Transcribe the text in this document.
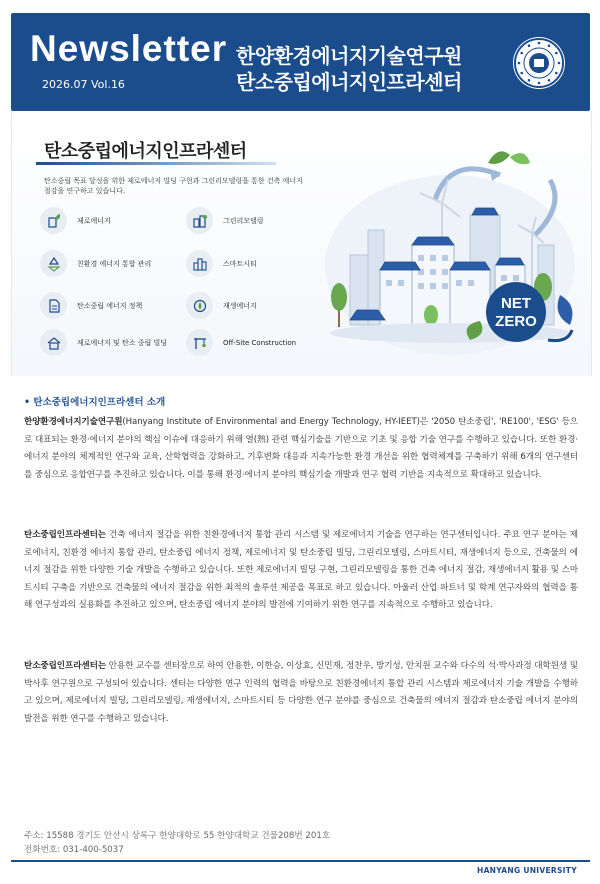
Newsletter
2026.07 Vol.16
한양환경에너지기술연구원
탄소중립에너지인프라센터
탄소중립에너지인프라센터
탄소중립 목표 달성을 위한 제로에너지 빌딩 구현과 그린리모델링을 통한 건축 에너지 절감을 연구하고 있습니다.
제로에너지	그린리모델링
친환경 에너지 통합 관리	스마트시티
탄소중립 에너지 정책	재생에너지
제로에너지 및 탄소 중립 빌딩	Off-Site Construction
NET
ZERO
• 탄소중립에너지인프라센터 소개
한양환경에너지기술연구원(Hanyang Institute of Environmental and Energy Technology, HY-IEET)은 '2050 탄소중립', 'RE100', 'ESG' 등으로 대표되는 환경·에너지 분야의 핵심 이슈에 대응하기 위해 열(熱) 관련 핵심기술을 기반으로 기초 및 응합 기술 연구를 수행하고 있습니다. 또한 환경·에너지 분야의 체계적인 연구와 교육, 산학협력을 강화하고, 기후변화 대응과 지속가능한 환경 개선을 위한 협력체계를 구축하기 위해 6개의 연구센터를 중심으로 응합연구를 추진하고 있습니다. 이를 통해 환경·에너지 분야의 핵심기술 개발과 연구 협력 기반을 지속적으로 확대하고 있습니다.
탄소중립인프라센터는 건축 에너지 절감을 위한 친환경에너지 통합 관리 시스템 및 제로에너지 기술을 연구하는 연구센터입니다. 주요 연구 분야는 제로에너지, 친환경 에너지 통합 관리, 탄소중립 에너지 정책, 제로에너지 및 탄소중립 빌딩, 그린리모델링, 스마트시티, 재생에너지 등으로, 건축물의 에너지 절감을 위한 다양한 기술 개발을 수행하고 있습니다. 또한 제로에너지 빌딩 구현, 그린리모델링을 통한 건축 에너지 절감, 재생에너지 활용 및 스마트시티 구축을 기반으로 건축물의 에너지 절감을 위한 최적의 솔루션 제공을 목표로 하고 있습니다. 아울러 산업 파트너 및 학계 연구자와의 협력을 통해 연구성과의 실용화를 추진하고 있으며, 탄소중립 에너지 분야의 발전에 기여하기 위한 연구를 지속적으로 수행하고 있습니다.
탄소중립인프라센터는 안용한 교수를 센터장으로 하여 안용한, 이한승, 이상효, 신민재, 정찬우, 방기성, 안치원 교수와 다수의 석·박사과정 대학원생 및 박사후 연구원으로 구성되어 있습니다. 센터는 다양한 연구 인력의 협력을 바탕으로 친환경에너지 통합 관리 시스템과 제로에너지 기술 개발을 수행하고 있으며, 제로에너지 빌딩, 그린리모델링, 재생에너지, 스마트시티 등 다양한 연구 분야를 중심으로 건축물의 에너지 절감과 탄소중립 에너지 분야의 발전을 위한 연구를 수행하고 있습니다.
주소: 15588 경기도 안산시 상록구 한양대학로 55 한양대학교 건물208번 201호
전화번호: 031-400-5037
HANYANG UNIVERSITY
